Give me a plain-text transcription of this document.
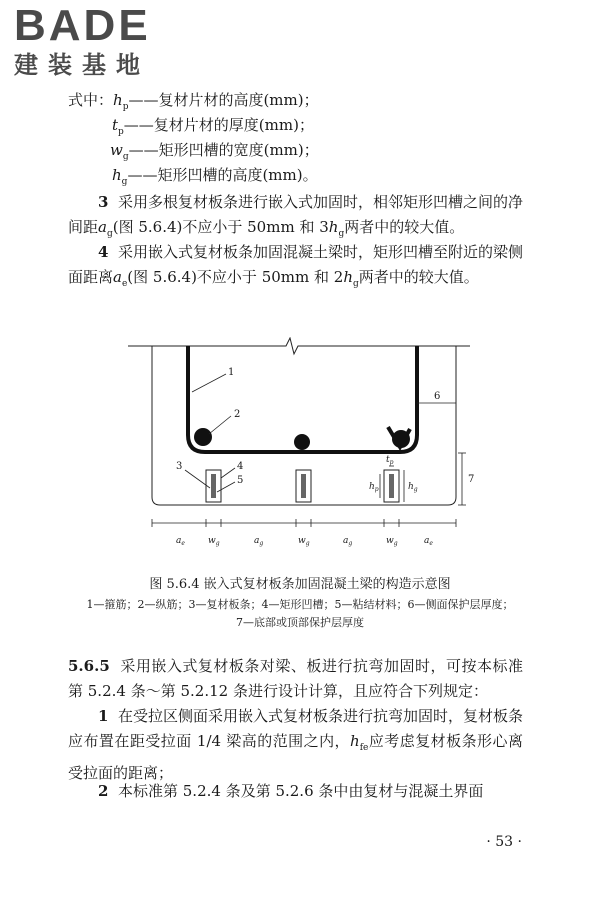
BADE
建装基地
式中：$h_p——$复材片材的高度(mm)；
$t_p——$复材片材的厚度(mm)；
$w_g——$矩形凹槽的宽度(mm)；
$h_g——$矩形凹槽的高度(mm)。
3 采用多根复材板条进行嵌入式加固时，相邻矩形凹槽之间的净间距$a_g$(图 5.6.4)不应小于 50mm 和 $3h_g$两者中的较大值。
4 采用嵌入式复材板条加固混凝土梁时，矩形凹槽至附近的梁侧面距离$a_e$(图 5.6.4)不应小于 50mm 和 $2h_g$两者中的较大值。
1
2
3	4
5
6
7
$t_p$
$h_p$	$h_g$
$a_e$	$w_g$	$a_g$	$w_g$	$a_g$	$w_g$	$a_e$
图 5.6.4 嵌入式复材板条加固混凝土梁的构造示意图
1—箍筋；2—纵筋；3—复材板条；4—矩形凹槽；5—粘结材料；6—侧面保护层厚度；
7—底部或顶部保护层厚度
5.6.5 采用嵌入式复材板条对梁、板进行抗弯加固时，可按本标准第 5.2.4 条～第 5.2.12 条进行设计计算，且应符合下列规定：
1 在受拉区侧面采用嵌入式复材板条进行抗弯加固时，复材板条应布置在距受拉面 1/4 梁高的范围之内，$h_{fe}$应考虑复材板条形心离受拉面的距离；
2 本标准第 5.2.4 条及第 5.2.6 条中由复材与混凝土界面
· 53 ·
